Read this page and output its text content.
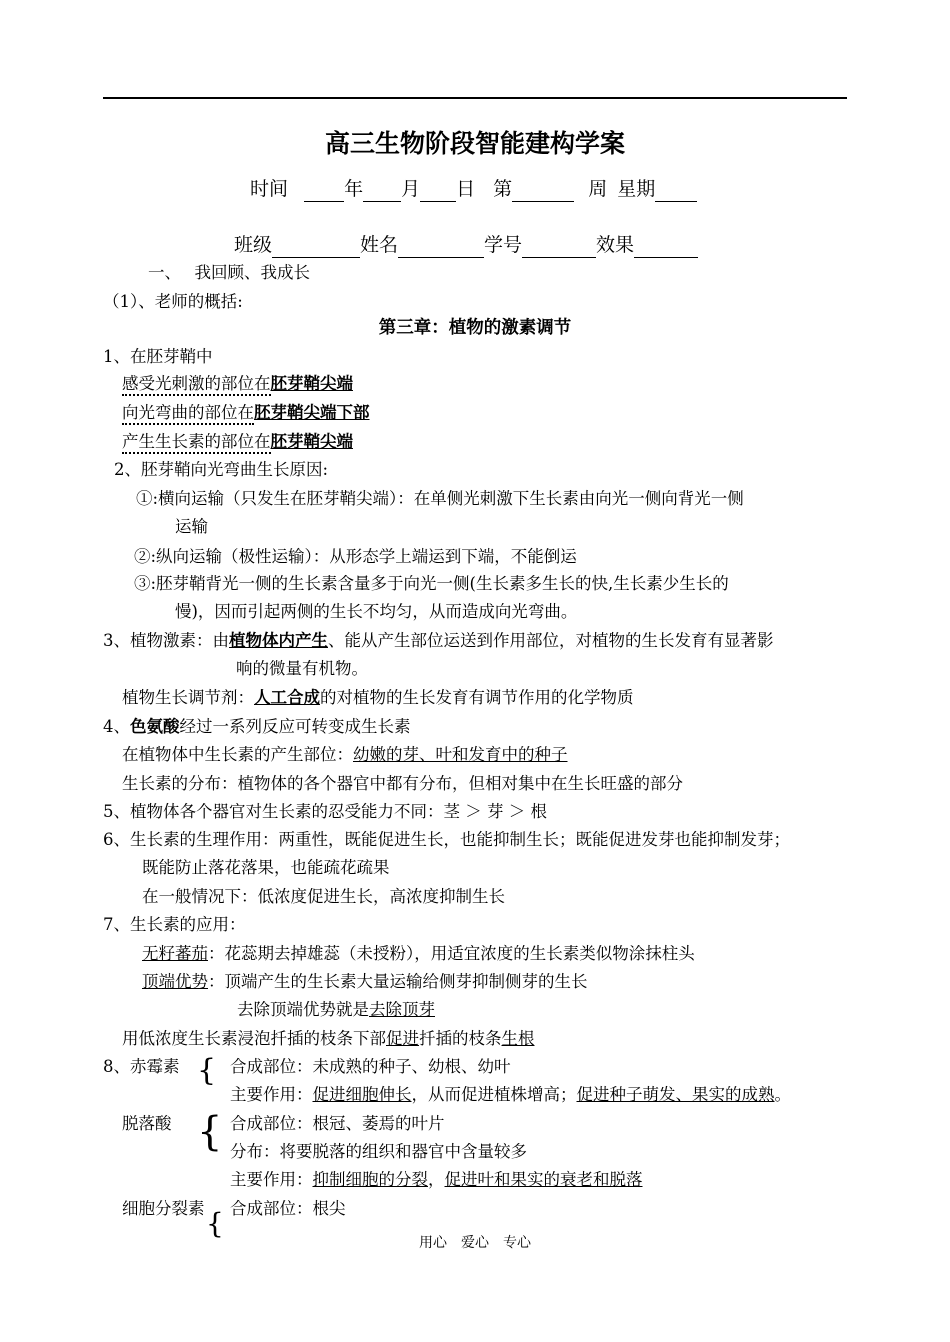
高三生物阶段智能建构学案
时间	年 月 日 第	周 星期
班级	姓名	学号	效果
一、　 我回顾、我成长
（1）、老师的概括:
第三章：植物的激素调节
1、在胚芽鞘中
感受光刺激的部位在胚芽鞘尖端
向光弯曲的部位在胚芽鞘尖端下部
产生生长素的部位在胚芽鞘尖端
2、胚芽鞘向光弯曲生长原因:
①:横向运输（只发生在胚芽鞘尖端）：在单侧光刺激下生长素由向光一侧向背光一侧
运输
②:纵向运输（极性运输）：从形态学上端运到下端，不能倒运
③:胚芽鞘背光一侧的生长素含量多于向光一侧(生长素多生长的快,生长素少生长的
慢)，因而引起两侧的生长不均匀，从而造成向光弯曲。
3、植物激素：由植物体内产生、能从产生部位运送到作用部位，对植物的生长发育有显著影
响的微量有机物。
植物生长调节剂：人工合成的对植物的生长发育有调节作用的化学物质
4、色氨酸经过一系列反应可转变成生长素
在植物体中生长素的产生部位：幼嫩的芽、叶和发育中的种子
生长素的分布：植物体的各个器官中都有分布，但相对集中在生长旺盛的部分
5、植物体各个器官对生长素的忍受能力不同：茎 ＞ 芽 ＞ 根
6、生长素的生理作用：两重性，既能促进生长，也能抑制生长；既能促进发芽也能抑制发芽；
既能防止落花落果，也能疏花疏果
在一般情况下：低浓度促进生长，高浓度抑制生长
7、生长素的应用：
无籽蕃茄：花蕊期去掉雄蕊（未授粉），用适宜浓度的生长素类似物涂抹柱头
顶端优势：顶端产生的生长素大量运输给侧芽抑制侧芽的生长
去除顶端优势就是去除顶芽
用低浓度生长素浸泡扦插的枝条下部促进扦插的枝条生根
8、赤霉素 { 合成部位：未成熟的种子、幼根、幼叶
主要作用：促进细胞伸长，从而促进植株增高；促进种子萌发、果实的成熟。
脱落酸 { 合成部位：根冠、萎焉的叶片
分布：将要脱落的组织和器官中含量较多
主要作用：抑制细胞的分裂，促进叶和果实的衰老和脱落
细胞分裂素 { 合成部位：根尖
用心　爱心　专心
